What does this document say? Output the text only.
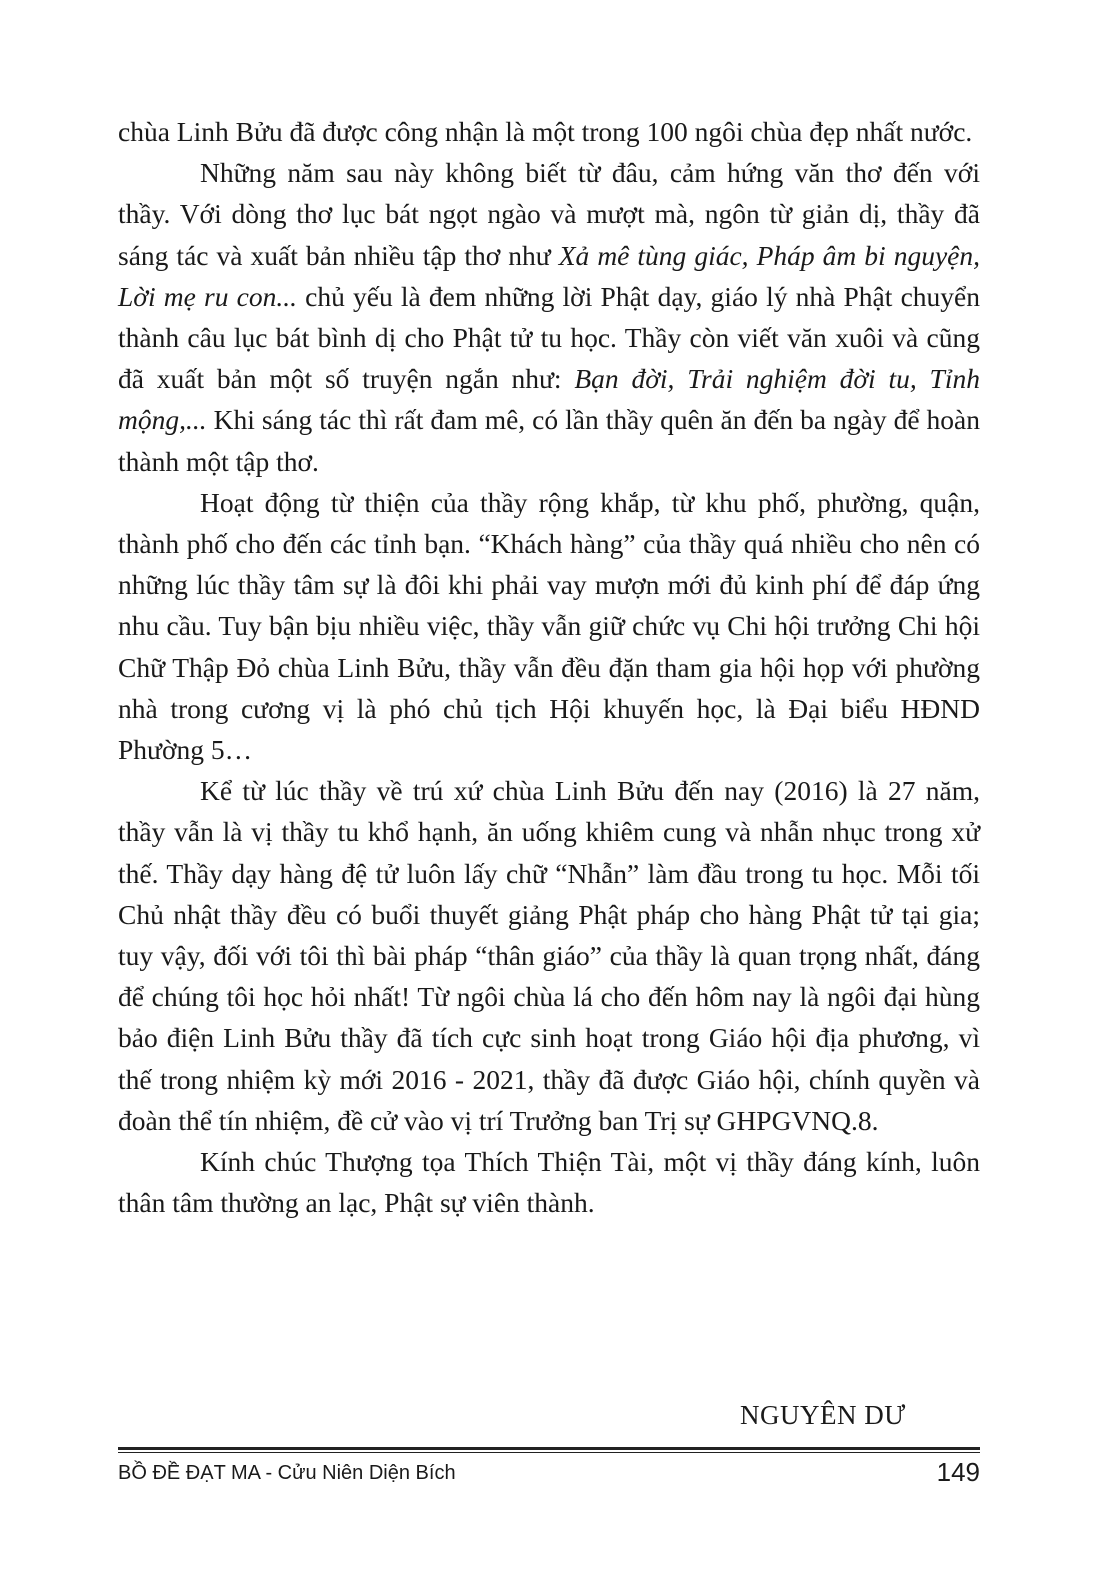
chùa Linh Bửu đã được công nhận là một trong 100 ngôi chùa đẹp nhất nước.

Những năm sau này không biết từ đâu, cảm hứng văn thơ đến với thầy. Với dòng thơ lục bát ngọt ngào và mượt mà, ngôn từ giản dị, thầy đã sáng tác và xuất bản nhiều tập thơ như Xả mê tùng giác, Pháp âm bi nguyện, Lời mẹ ru con... chủ yếu là đem những lời Phật dạy, giáo lý nhà Phật chuyển thành câu lục bát bình dị cho Phật tử tu học. Thầy còn viết văn xuôi và cũng đã xuất bản một số truyện ngắn như: Bạn đời, Trải nghiệm đời tu, Tỉnh mộng,... Khi sáng tác thì rất đam mê, có lần thầy quên ăn đến ba ngày để hoàn thành một tập thơ.

Hoạt động từ thiện của thầy rộng khắp, từ khu phố, phường, quận, thành phố cho đến các tỉnh bạn. “Khách hàng” của thầy quá nhiều cho nên có những lúc thầy tâm sự là đôi khi phải vay mượn mới đủ kinh phí để đáp ứng nhu cầu. Tuy bận bịu nhiều việc, thầy vẫn giữ chức vụ Chi hội trưởng Chi hội Chữ Thập Đỏ chùa Linh Bửu, thầy vẫn đều đặn tham gia hội họp với phường nhà trong cương vị là phó chủ tịch Hội khuyến học, là Đại biểu HĐND Phường 5…

Kể từ lúc thầy về trú xứ chùa Linh Bửu đến nay (2016) là 27 năm, thầy vẫn là vị thầy tu khổ hạnh, ăn uống khiêm cung và nhẫn nhục trong xử thế. Thầy dạy hàng đệ tử luôn lấy chữ “Nhẫn” làm đầu trong tu học. Mỗi tối Chủ nhật thầy đều có buổi thuyết giảng Phật pháp cho hàng Phật tử tại gia; tuy vậy, đối với tôi thì bài pháp “thân giáo” của thầy là quan trọng nhất, đáng để chúng tôi học hỏi nhất! Từ ngôi chùa lá cho đến hôm nay là ngôi đại hùng bảo điện Linh Bửu thầy đã tích cực sinh hoạt trong Giáo hội địa phương, vì thế trong nhiệm kỳ mới 2016 - 2021, thầy đã được Giáo hội, chính quyền và đoàn thể tín nhiệm, đề cử vào vị trí Trưởng ban Trị sự GHPGVNQ.8.

Kính chúc Thượng tọa Thích Thiện Tài, một vị thầy đáng kính, luôn thân tâm thường an lạc, Phật sự viên thành.

NGUYÊN DƯ
BỒ ĐỀ ĐẠT MA - Cửu Niên Diện Bích	149
